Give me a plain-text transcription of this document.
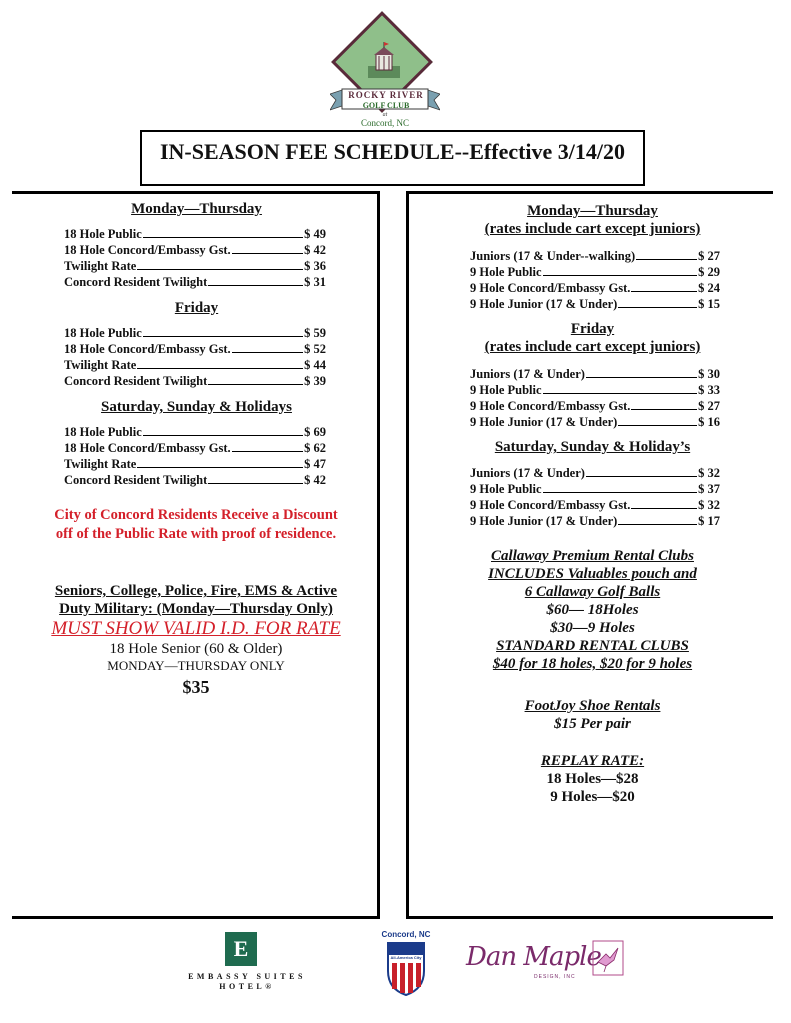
ROCKY RIVER
GOLF CLUB
at
Concord, NC
IN-SEASON FEE SCHEDULE--Effective 3/14/20
Monday—Thursday
18 Hole Public	$ 49
18 Hole Concord/Embassy Gst.	$ 42
Twilight Rate	$ 36
Concord Resident Twilight	$ 31
Friday
18 Hole Public	$ 59
18 Hole Concord/Embassy Gst.	$ 52
Twilight Rate	$ 44
Concord Resident Twilight	$ 39
Saturday, Sunday & Holidays
18 Hole Public	$ 69
18 Hole Concord/Embassy Gst.	$ 62
Twilight Rate	$ 47
Concord Resident Twilight	$ 42
City of Concord Residents Receive a Discount
off of the Public Rate with proof of residence.
Seniors, College, Police, Fire, EMS & Active
Duty Military: (Monday—Thursday Only)
MUST SHOW VALID I.D. FOR RATE
18 Hole Senior (60 & Older)
MONDAY—THURSDAY ONLY
$35
Monday—Thursday
(rates include cart except juniors)
Juniors (17 & Under--walking)	$ 27
9 Hole Public	$ 29
9 Hole Concord/Embassy Gst.	$ 24
9 Hole Junior (17 & Under)	$ 15
Friday
(rates include cart except juniors)
Juniors (17 & Under)	$ 30
9 Hole Public	$ 33
9 Hole Concord/Embassy Gst.	$ 27
9 Hole Junior (17 & Under)	$ 16
Saturday, Sunday & Holiday’s
Juniors (17 & Under)	$ 32
9 Hole Public	$ 37
9 Hole Concord/Embassy Gst.	$ 32
9 Hole Junior (17 & Under)	$ 17
Callaway Premium Rental Clubs
INCLUDES Valuables pouch and
6 Callaway Golf Balls
$60— 18Holes
$30—9 Holes
STANDARD RENTAL CLUBS
$40 for 18 holes, $20 for 9 holes
FootJoy Shoe Rentals
$15 Per pair
REPLAY RATE:
18 Holes—$28
9 Holes—$20
E
EMBASSY SUITES
HOTEL®
Concord, NC
All-America City Dan Maple
DESIGN, INC
